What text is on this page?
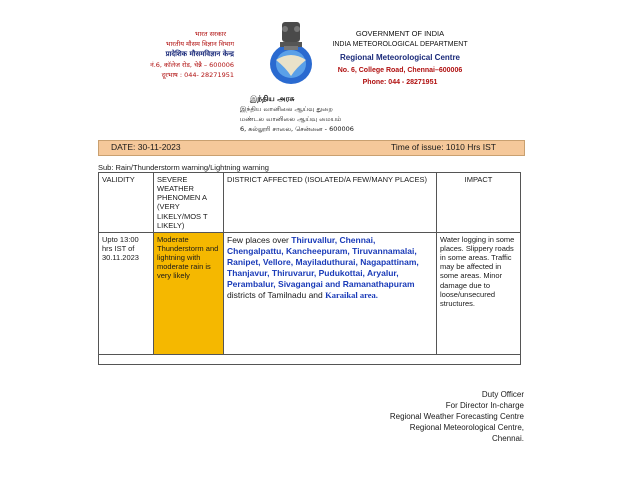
भारत सरकार
भारतीय मौसम विज्ञान विभाग
प्रादेशिक मौसमविज्ञान केन्द्र
नं.6, कॉलेज रोड, चेन्नै – 600006
दूरभाष : 044- 28271951
GOVERNMENT OF INDIA
INDIA METEOROLOGICAL DEPARTMENT
Regional Meteorological Centre
No. 6, College Road, Chennai–600006
Phone: 044 - 28271951
இந்திய அரசு
இந்திய வானிலை ஆய்வு துறை
மண்டல வானிலை ஆய்வு மையம்
6, கல்லூரி சாலை, சென்னை - 600006
DATE: 30-11-2023	Time of issue: 1010 Hrs IST
Sub: Rain/Thunderstorm warning/Lightning warning
VALIDITY	SEVERE WEATHER PHENOMEN A (VERY LIKELY/MOS T LIKELY)	DISTRICT AFFECTED (ISOLATED/A FEW/MANY PLACES)	IMPACT
Upto 13:00 hrs IST of 30.11.2023	Moderate Thunderstorm and lightning with moderate rain is very likely	Few places over Thiruvallur, Chennai, Chengalpattu, Kancheepuram, Tiruvannamalai, Ranipet, Vellore, Mayiladuthurai, Nagapattinam, Thanjavur, Thiruvarur, Pudukottai, Aryalur, Perambalur, Sivagangai and Ramanathapuram districts of Tamilnadu and Karaikal area.	Water logging in some places. Slippery roads in some areas. Traffic may be affected in some areas. Minor damage due to loose/unsecured structures.

Duty Officer
For Director In-charge
Regional Weather Forecasting Centre
Regional Meteorological Centre,
Chennai.
